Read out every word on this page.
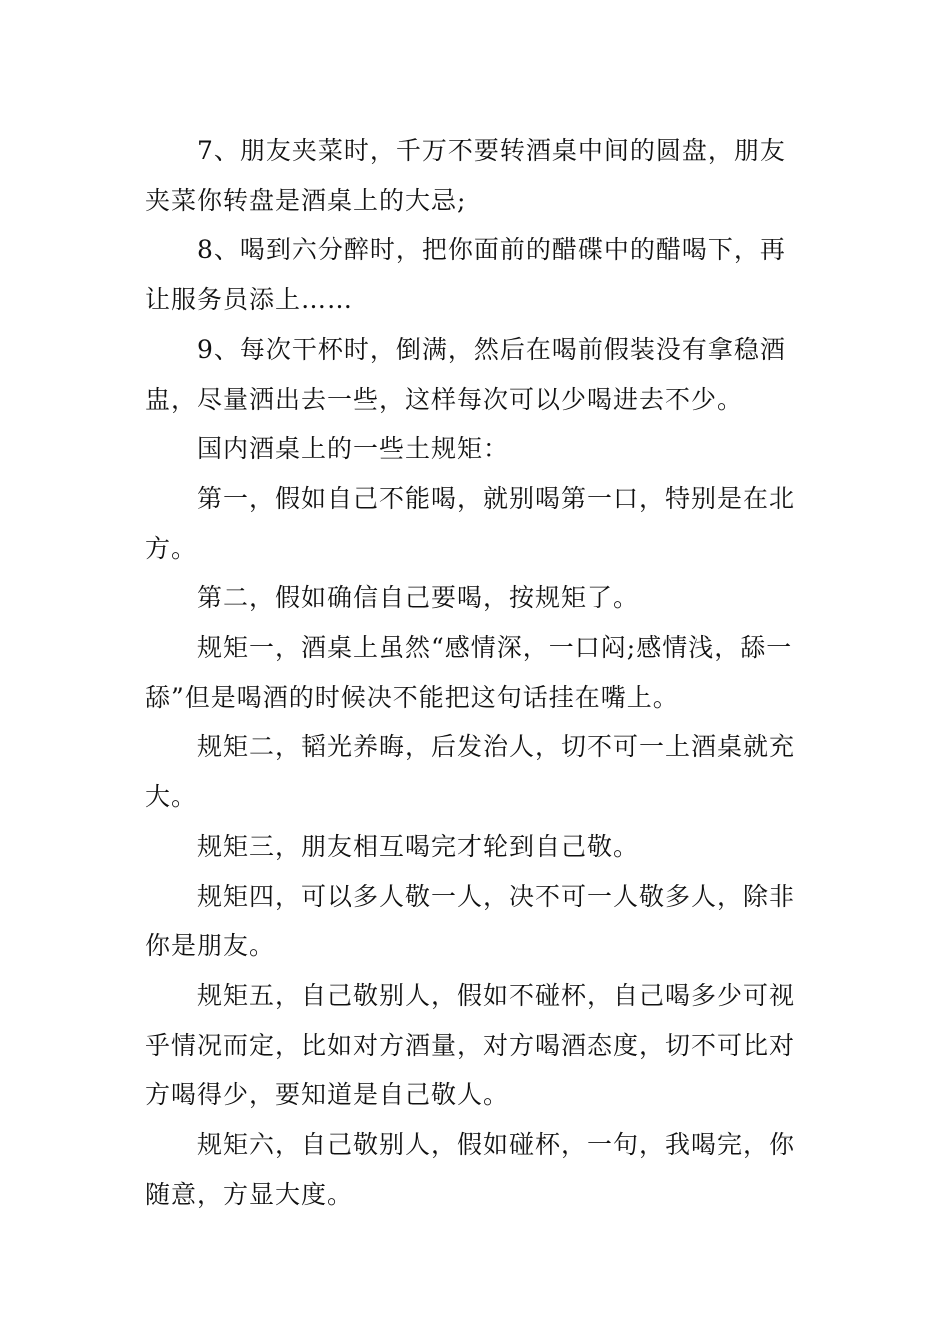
7、朋友夹菜时，千万不要转酒桌中间的圆盘，朋友夹菜你转盘是酒桌上的大忌;

8、喝到六分醉时，把你面前的醋碟中的醋喝下，再让服务员添上……

9、每次干杯时，倒满，然后在喝前假装没有拿稳酒盅，尽量洒出去一些，这样每次可以少喝进去不少。

国内酒桌上的一些土规矩：

第一，假如自己不能喝，就别喝第一口，特别是在北方。

第二，假如确信自己要喝，按规矩了。

规矩一，酒桌上虽然“感情深，一口闷;感情浅，舔一舔”但是喝酒的时候决不能把这句话挂在嘴上。

规矩二，韬光养晦，后发治人，切不可一上酒桌就充大。

规矩三，朋友相互喝完才轮到自己敬。

规矩四，可以多人敬一人，决不可一人敬多人，除非你是朋友。

规矩五，自己敬别人，假如不碰杯，自己喝多少可视乎情况而定，比如对方酒量，对方喝酒态度，切不可比对方喝得少，要知道是自己敬人。

规矩六，自己敬别人，假如碰杯，一句，我喝完，你随意，方显大度。
